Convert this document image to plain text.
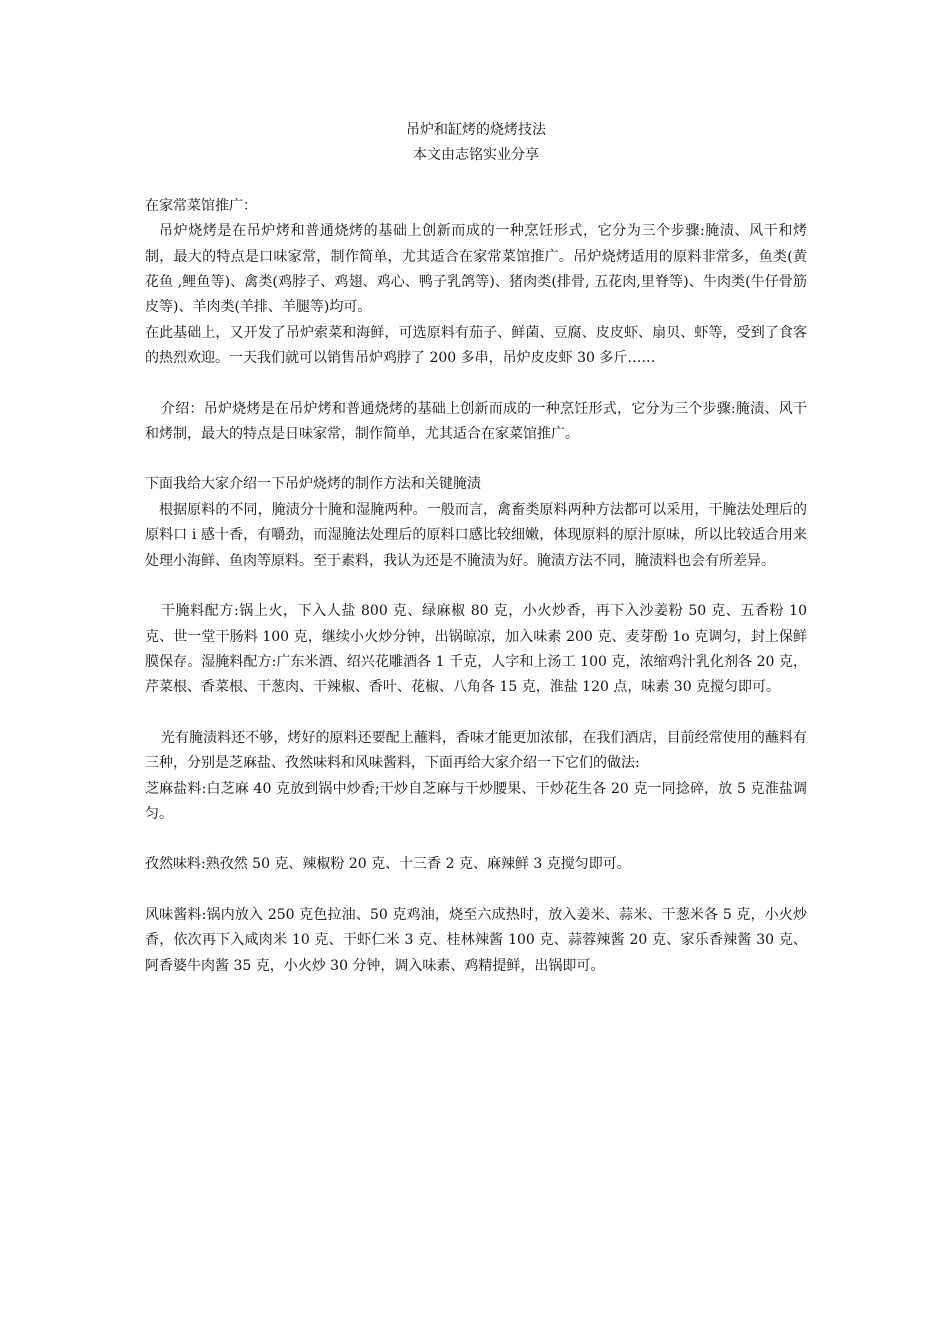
吊炉和缸烤的烧烤技法

本文由志铭实业分享

在家常菜馆推广：

吊炉烧烤是在吊炉烤和普通烧烤的基础上创新而成的一种烹饪形式，它分为三个步骤:腌渍、风干和烤制，最大的特点是口味家常，制作简单，尤其适合在家常菜馆推广。吊炉烧烤适用的原料非常多，鱼类(黄花鱼 ,鲤鱼等)、禽类(鸡脖子、鸡翅、鸡心、鸭子乳鸽等)、猪肉类(排骨, 五花肉,里脊等)、牛肉类(牛仔骨筋皮等)、羊肉类(羊排、羊腿等)均可。

在此基础上，又开发了吊炉索菜和海鲜，可选原料有茄子、鲜菌、豆腐、皮皮虾、扇贝、虾等，受到了食客的热烈欢迎。一天我们就可以销售吊炉鸡脖了 200 多串，吊炉皮皮虾 30 多斤……

介绍：吊炉烧烤是在吊炉烤和普通烧烤的基础上创新而成的一种烹饪形式，它分为三个步骤:腌渍、风干和烤制，最大的特点是日味家常，制作简单，尤其适合在家菜馆推广。

下面我给大家介绍一下吊炉烧烤的制作方法和关键腌渍

根据原料的不同，腌渍分十腌和湿腌两种。一般而言，禽畜类原料两种方法都可以采用，干腌法处理后的原料口 i 感十香，有嚼劲，而湿腌法处理后的原料口感比较细嫩，体现原料的原汁原味，所以比较适合用来处理小海鲜、鱼肉等原料。至于素料，我认为还是不腌渍为好。腌渍方法不同，腌渍料也会有所差异。

干腌料配方:锅上火，下入人盐 800 克、绿麻椒 80 克，小火炒香，再下入沙姜粉 50 克、五香粉 10 克、世一堂干肠料 100 克，继续小火炒分钟，出锅晾凉，加入味素 200 克、麦芽酚 1o 克调匀，封上保鲜膜保存。湿腌料配方:广东米酒、绍兴花雕酒各 1 千克，人字和上汤工 100 克，浓缩鸡汁乳化剂各 20 克，芹菜根、香菜根、干葱肉、干辣椒、香叶、花椒、八角各 15 克，淮盐 120 点，味素 30 克搅匀即可。

光有腌渍料还不够，烤好的原料还要配上蘸料，香味才能更加浓郁，在我们酒店，目前经常使用的蘸料有三种，分别是芝麻盐、孜然味料和风味酱料，下面再给大家介绍一下它们的做法:

芝麻盐料:白芝麻 40 克放到锅中炒香;干炒自芝麻与干炒腰果、干炒花生各 20 克一同捻碎，放 5 克淮盐调匀。

孜然味料:熟孜然 50 克、辣椒粉 20 克、十三香 2 克、麻辣鲜 3 克搅匀即可。

风味酱料:锅内放入 250 克色拉油、50 克鸡油，烧至六成热时，放入姜米、蒜米、干葱米各 5 克，小火炒香，依次再下入咸肉米 10 克、干虾仁米 3 克、桂林辣酱 100 克、蒜蓉辣酱 20 克、家乐香辣酱 30 克、阿香婆牛肉酱 35 克，小火炒 30 分钟，调入味素、鸡精提鲜，出锅即可。
